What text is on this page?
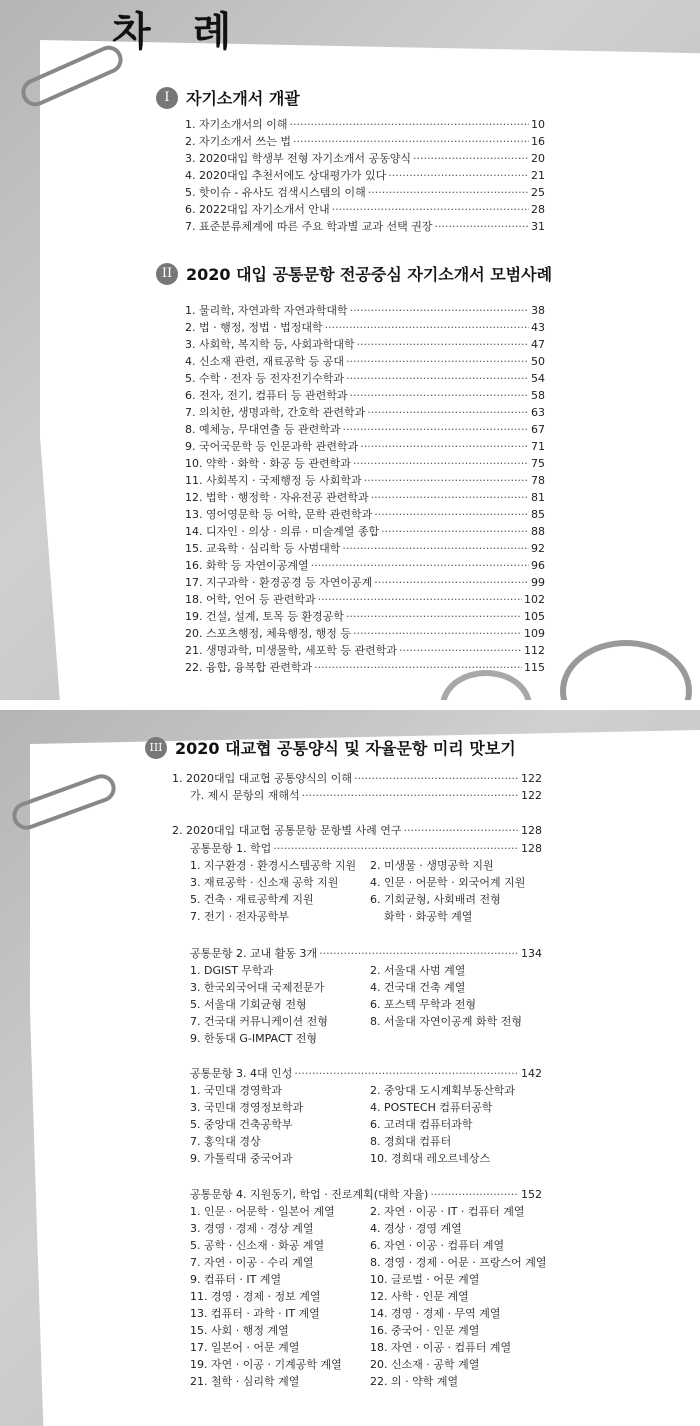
차 례
I	자기소개서 개괄
1. 자기소개서의 이해 ·····	10
2. 자기소개서 쓰는 법 ·····	16
3. 2020대입 학생부 전형 자기소개서 공동양식 ·····	20
4. 2020대입 추천서에도 상대평가가 있다 ·····	21
5. 핫이슈 - 유사도 검색시스템의 이해 ·····	25
6. 2022대입 자기소개서 안내 ·····	28
7. 표준분류체계에 따른 주요 학과별 교과 선택 권장 ·····	31
II 2020 대입 공통문항 전공중심 자기소개서 모범사례
1. 물리학, 자연과학 자연과학대학 ·····	38
2. 법 · 행정, 정법 · 법정대학 ·····	43
3. 사회학, 복지학 등, 사회과학대학 ·····	47
4. 신소재 관련, 재료공학 등 공대 ·····	50
5. 수학 · 전자 등 전자전기수학과 ·····	54
6. 전자, 전기, 컴퓨터 등 관련학과 ·····	58
7. 의치한, 생명과학, 간호학 관련학과 ·····	63
8. 예체능, 무대연출 등 관련학과 ·····	67
9. 국어국문학 등 인문과학 관련학과 ·····	71
10. 약학 · 화학 · 화공 등 관련학과 ·····	75
11. 사회복지 · 국제행정 등 사회학과 ·····	78
12. 법학 · 행정학 · 자유전공 관련학과 ·····	81
13. 영어영문학 등 어학, 문학 관련학과 ·····	85
14. 디자인 · 의상 · 의류 · 미술계열 종합 ·····	88
15. 교육학 · 심리학 등 사범대학 ·····	92
16. 화학 등 자연이공계열 ·····	96
17. 지구과학 · 환경공경 등 자연이공계 ·····	99
18. 어학, 언어 등 관련학과 ·····	102
19. 건설, 설계, 토목 등 환경공학 ·····	105
20. 스포츠행정, 체육행정, 행정 등 ·····	109
21. 생명과학, 미생물학, 세포학 등 관련학과 ·····	112
22. 융합, 융복합 관련학과 ·····	115
III 2020 대교협 공통양식 및 자율문항 미리 맛보기
1. 2020대입 대교협 공통양식의 이해 ·····	122
가. 제시 문항의 재해석 ·····	122
2. 2020대입 대교협 공통문항 문항별 사례 연구 ·····	128
공통문항 1. 학업 ·····	128
1. 지구환경 · 환경시스템공학 지원	2. 미생물 · 생명공학 지원
3. 재료공학 · 신소재 공학 지원	4. 인문 · 어문학 · 외국어계 지원
5. 건축 · 재료공학계 지원	6. 기회균형, 사회배려 전형
7. 전기 · 전자공학부	화학 · 화공학 계열
공통문항 2. 교내 활동 3개 ·····	134
1. DGIST 무학과	2. 서울대 사범 계열
3. 한국외국어대 국제전문가	4. 건국대 건축 계열
5. 서울대 기회균형 전형	6. 포스텍 무학과 전형
7. 건국대 커뮤니케이션 전형	8. 서울대 자연이공계 화학 전형
9. 한동대 G-IMPACT 전형
공통문항 3. 4대 인성 ·····	142
1. 국민대 경영학과	2. 중앙대 도시계획부동산학과
3. 국민대 경영정보학과	4. POSTECH 컴퓨터공학
5. 중앙대 건축공학부	6. 고려대 컴퓨터과학
7. 홍익대 경상	8. 경희대 컴퓨터
9. 가톨릭대 중국어과	10. 경희대 레오르네상스
공통문항 4. 지원동기, 학업 · 진로계획(대학 자율) ·····	152
1. 인문 · 어문학 · 일본어 계열	2. 자연 · 이공 · IT · 컴퓨터 계열
3. 경영 · 경제 · 경상 계열	4. 경상 · 경영 계열
5. 공학 · 신소재 · 화공 계열	6. 자연 · 이공 · 컴퓨터 계열
7. 자연 · 이공 · 수리 계열	8. 경영 · 경제 · 어문 · 프랑스어 계열
9. 컴퓨터 · IT 계열	10. 글로벌 · 어문 계열
11. 경영 · 경제 · 정보 계열	12. 사학 · 인문 계열
13. 컴퓨터 · 과학 · IT 계열	14. 경영 · 경제 · 무역 계열
15. 사회 · 행정 계열	16. 중국어 · 인문 계열
17. 일본어 · 어문 계열	18. 자연 · 이공 · 컴퓨터 계열
19. 자연 · 이공 · 기계공학 계열	20. 신소재 · 공학 계열
21. 철학 · 심리학 계열	22. 의 · 약학 계열
